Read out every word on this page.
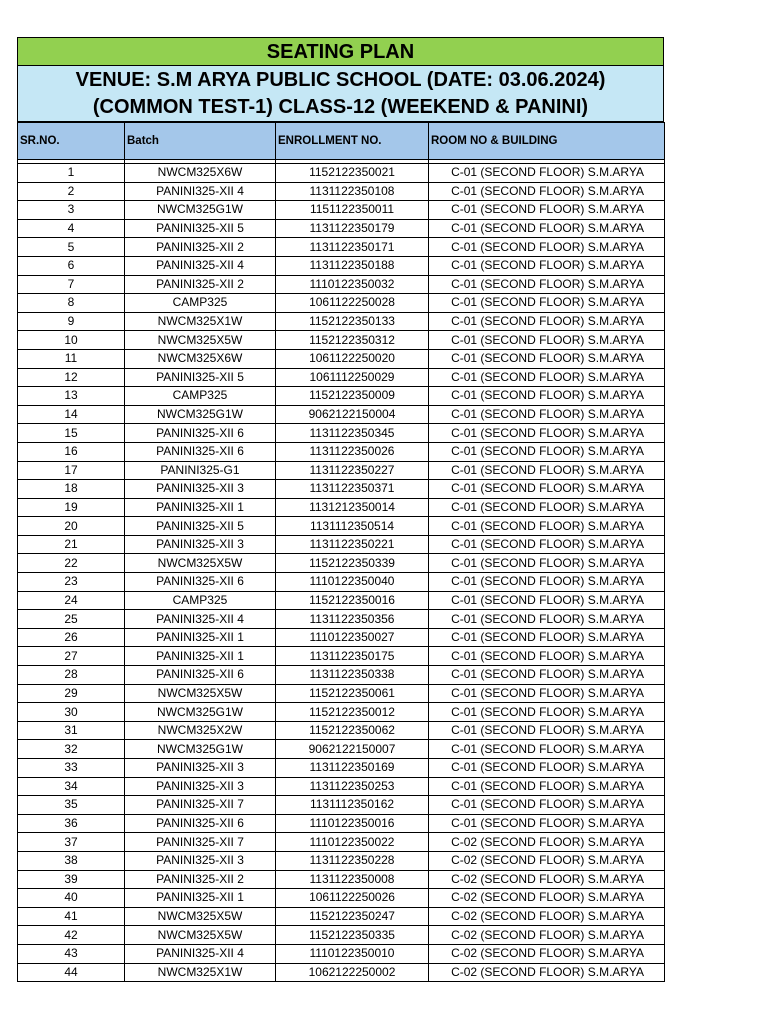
SEATING PLAN
VENUE: S.M ARYA PUBLIC SCHOOL (DATE: 03.06.2024)
(COMMON TEST-1) CLASS-12 (WEEKEND & PANINI)
SR.NO.	Batch	ENROLLMENT NO.	ROOM NO & BUILDING

1	NWCM325X6W	1152122350021	C-01 (SECOND FLOOR) S.M.ARYA
2	PANINI325-XII 4	1131122350108	C-01 (SECOND FLOOR) S.M.ARYA
3	NWCM325G1W	1151122350011	C-01 (SECOND FLOOR) S.M.ARYA
4	PANINI325-XII 5	1131122350179	C-01 (SECOND FLOOR) S.M.ARYA
5	PANINI325-XII 2	1131122350171	C-01 (SECOND FLOOR) S.M.ARYA
6	PANINI325-XII 4	1131122350188	C-01 (SECOND FLOOR) S.M.ARYA
7	PANINI325-XII 2	1110122350032	C-01 (SECOND FLOOR) S.M.ARYA
8	CAMP325	1061122250028	C-01 (SECOND FLOOR) S.M.ARYA
9	NWCM325X1W	1152122350133	C-01 (SECOND FLOOR) S.M.ARYA
10	NWCM325X5W	1152122350312	C-01 (SECOND FLOOR) S.M.ARYA
11	NWCM325X6W	1061122250020	C-01 (SECOND FLOOR) S.M.ARYA
12	PANINI325-XII 5	1061112250029	C-01 (SECOND FLOOR) S.M.ARYA
13	CAMP325	1152122350009	C-01 (SECOND FLOOR) S.M.ARYA
14	NWCM325G1W	9062122150004	C-01 (SECOND FLOOR) S.M.ARYA
15	PANINI325-XII 6	1131122350345	C-01 (SECOND FLOOR) S.M.ARYA
16	PANINI325-XII 6	1131122350026	C-01 (SECOND FLOOR) S.M.ARYA
17	PANINI325-G1	1131122350227	C-01 (SECOND FLOOR) S.M.ARYA
18	PANINI325-XII 3	1131122350371	C-01 (SECOND FLOOR) S.M.ARYA
19	PANINI325-XII 1	1131212350014	C-01 (SECOND FLOOR) S.M.ARYA
20	PANINI325-XII 5	1131112350514	C-01 (SECOND FLOOR) S.M.ARYA
21	PANINI325-XII 3	1131122350221	C-01 (SECOND FLOOR) S.M.ARYA
22	NWCM325X5W	1152122350339	C-01 (SECOND FLOOR) S.M.ARYA
23	PANINI325-XII 6	1110122350040	C-01 (SECOND FLOOR) S.M.ARYA
24	CAMP325	1152122350016	C-01 (SECOND FLOOR) S.M.ARYA
25	PANINI325-XII 4	1131122350356	C-01 (SECOND FLOOR) S.M.ARYA
26	PANINI325-XII 1	1110122350027	C-01 (SECOND FLOOR) S.M.ARYA
27	PANINI325-XII 1	1131122350175	C-01 (SECOND FLOOR) S.M.ARYA
28	PANINI325-XII 6	1131122350338	C-01 (SECOND FLOOR) S.M.ARYA
29	NWCM325X5W	1152122350061	C-01 (SECOND FLOOR) S.M.ARYA
30	NWCM325G1W	1152122350012	C-01 (SECOND FLOOR) S.M.ARYA
31	NWCM325X2W	1152122350062	C-01 (SECOND FLOOR) S.M.ARYA
32	NWCM325G1W	9062122150007	C-01 (SECOND FLOOR) S.M.ARYA
33	PANINI325-XII 3	1131122350169	C-01 (SECOND FLOOR) S.M.ARYA
34	PANINI325-XII 3	1131122350253	C-01 (SECOND FLOOR) S.M.ARYA
35	PANINI325-XII 7	1131112350162	C-01 (SECOND FLOOR) S.M.ARYA
36	PANINI325-XII 6	1110122350016	C-01 (SECOND FLOOR) S.M.ARYA
37	PANINI325-XII 7	1110122350022	C-02 (SECOND FLOOR) S.M.ARYA
38	PANINI325-XII 3	1131122350228	C-02 (SECOND FLOOR) S.M.ARYA
39	PANINI325-XII 2	1131122350008	C-02 (SECOND FLOOR) S.M.ARYA
40	PANINI325-XII 1	1061122250026	C-02 (SECOND FLOOR) S.M.ARYA
41	NWCM325X5W	1152122350247	C-02 (SECOND FLOOR) S.M.ARYA
42	NWCM325X5W	1152122350335	C-02 (SECOND FLOOR) S.M.ARYA
43	PANINI325-XII 4	1110122350010	C-02 (SECOND FLOOR) S.M.ARYA
44	NWCM325X1W	1062122250002	C-02 (SECOND FLOOR) S.M.ARYA
